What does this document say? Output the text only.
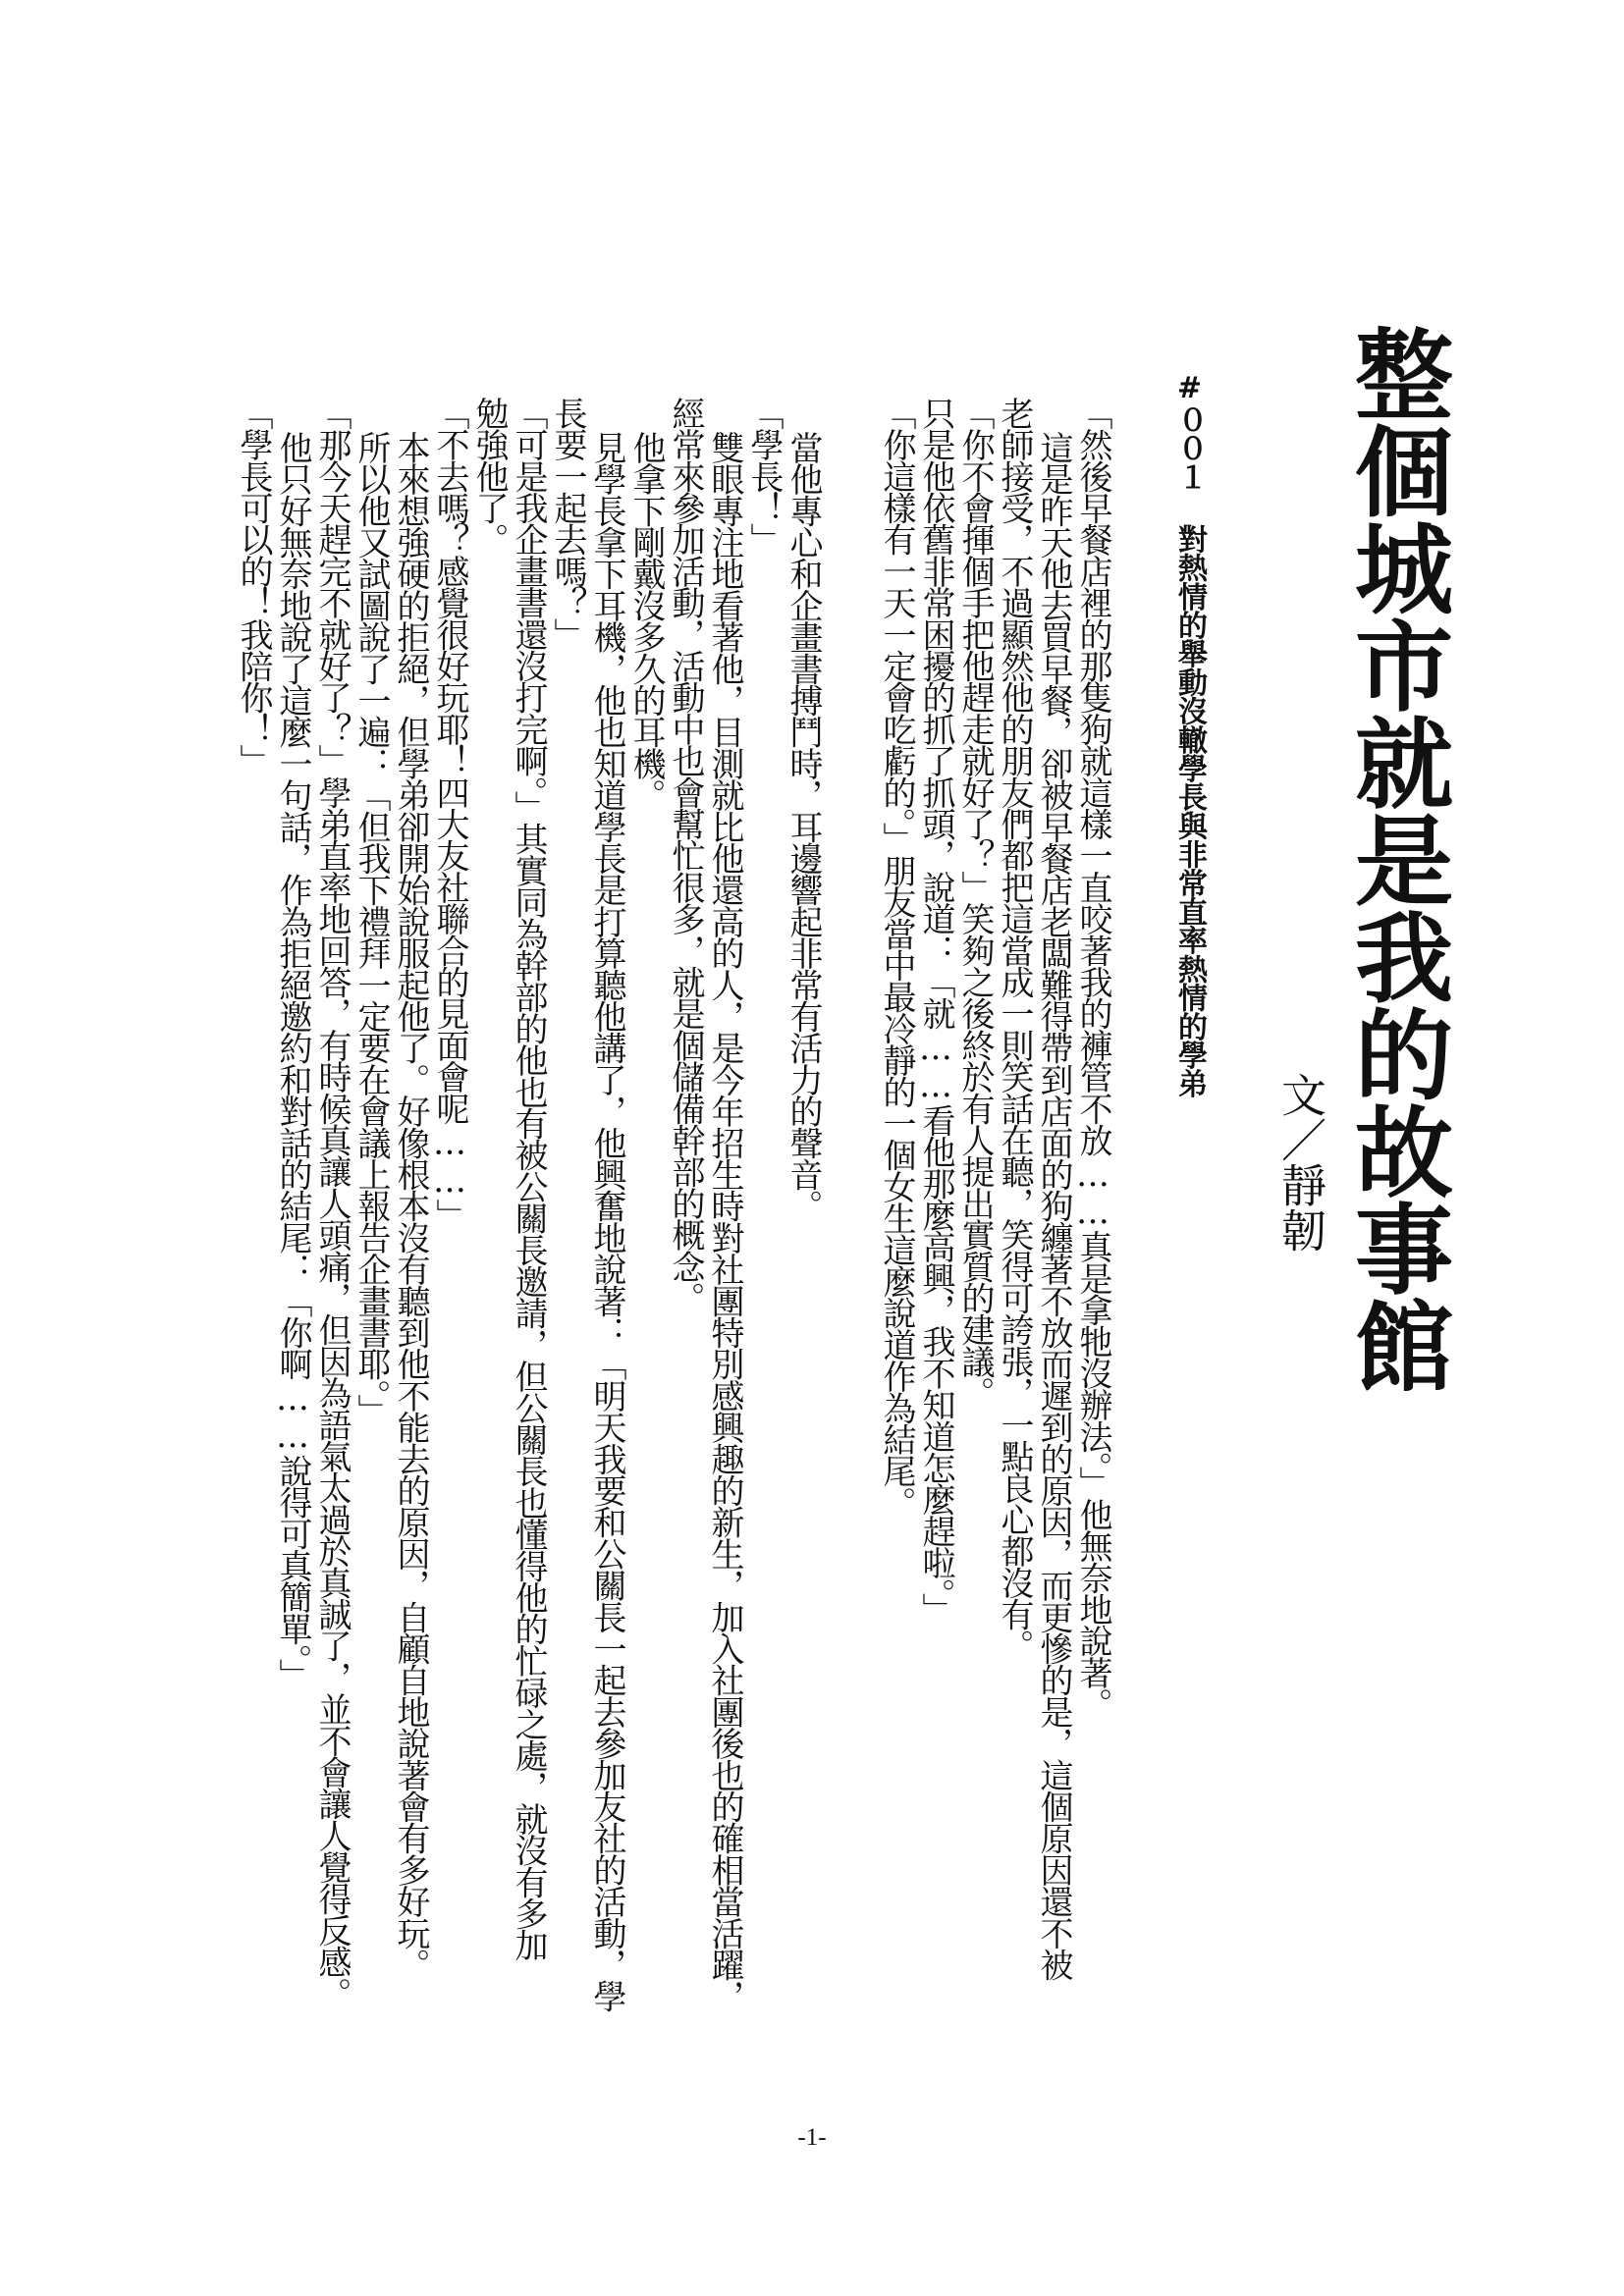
整個城市就是我的故事館
文／靜韌
#００１ 對熱情的舉動沒轍學長與非常直率熱情的學弟
「然後早餐店裡的那隻狗就這樣一直咬著我的褲管不放……真是拿牠沒辦法。」他無奈地說著。
這是昨天他去買早餐，卻被早餐店老闆難得帶到店面的狗纏著不放而遲到的原因，而更慘的是，這個原因還不被
老師接受，不過顯然他的朋友們都把這當成一則笑話在聽，笑得可誇張，一點良心都沒有。
「你不會揮個手把他趕走就好了？」笑夠之後終於有人提出實質的建議。
只是他依舊非常困擾的抓了抓頭，說道：「就……看他那麼高興，我不知道怎麼趕啦。」
「你這樣有一天一定會吃虧的。」朋友當中最冷靜的一個女生這麼說道作為結尾。
當他專心和企畫書搏鬥時，耳邊響起非常有活力的聲音。
「學長！」
雙眼專注地看著他，目測就比他還高的人，是今年招生時對社團特別感興趣的新生，加入社團後也的確相當活躍，
經常來參加活動，活動中也會幫忙很多，就是個儲備幹部的概念。
他拿下剛戴沒多久的耳機。
見學長拿下耳機，他也知道學長是打算聽他講了，他興奮地說著：「明天我要和公關長一起去參加友社的活動，學
長要一起去嗎？」
「可是我企畫書還沒打完啊。」其實同為幹部的他也有被公關長邀請，但公關長也懂得他的忙碌之處，就沒有多加
勉強他了。
「不去嗎？感覺很好玩耶！四大友社聯合的見面會呢……」
本來想強硬的拒絕，但學弟卻開始說服起他了。好像根本沒有聽到他不能去的原因，自顧自地說著會有多好玩。
所以他又試圖說了一遍：「但我下禮拜一定要在會議上報告企畫書耶。」
「那今天趕完不就好了？」學弟直率地回答，有時候真讓人頭痛，但因為語氣太過於真誠了，並不會讓人覺得反感。
他只好無奈地說了這麼一句話，作為拒絕邀約和對話的結尾：「你啊……說得可真簡單。」
「學長可以的！我陪你！」
-1-
